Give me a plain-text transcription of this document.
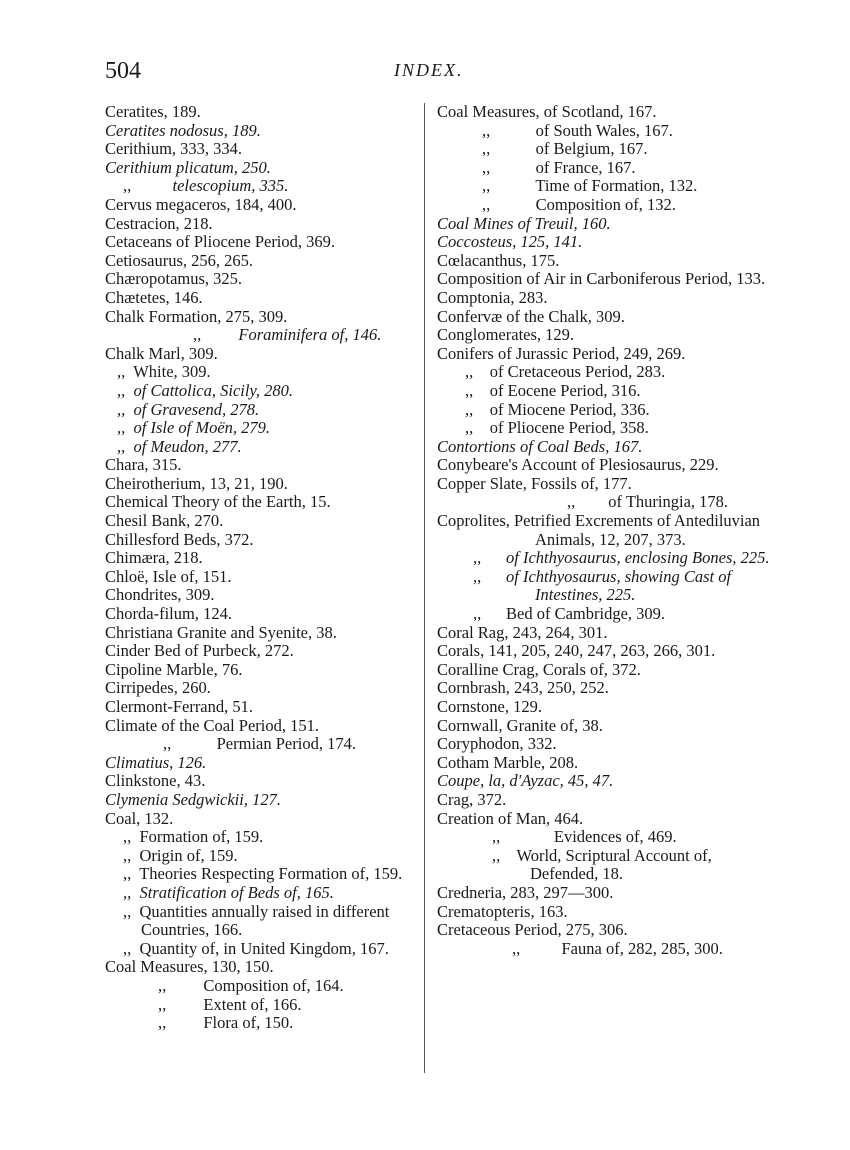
504	INDEX.
Ceratites, 189.
Ceratites nodosus, 189.
Cerithium, 333, 334.
Cerithium plicatum, 250.
,,          telescopium, 335.
Cervus megaceros, 184, 400.
Cestracion, 218.
Cetaceans of Pliocene Period, 369.
Cetiosaurus, 256, 265.
Chæropotamus, 325.
Chætetes, 146.
Chalk Formation, 275, 309.
,,         Foraminifera of, 146.
Chalk Marl, 309.
,,  White, 309.
,,  of Cattolica, Sicily, 280.
,,  of Gravesend, 278.
,,  of Isle of Moën, 279.
,,  of Meudon, 277.
Chara, 315.
Cheirotherium, 13, 21, 190.
Chemical Theory of the Earth, 15.
Chesil Bank, 270.
Chillesford Beds, 372.
Chimæra, 218.
Chloë, Isle of, 151.
Chondrites, 309.
Chorda-filum, 124.
Christiana Granite and Syenite, 38.
Cinder Bed of Purbeck, 272.
Cipoline Marble, 76.
Cirripedes, 260.
Clermont-Ferrand, 51.
Climate of the Coal Period, 151.
,,           Permian Period, 174.
Climatius, 126.
Clinkstone, 43.
Clymenia Sedgwickii, 127.
Coal, 132.
,,  Formation of, 159.
,,  Origin of, 159.
,,  Theories Respecting Formation of, 159.
,,  Stratification of Beds of, 165.
,,  Quantities annually raised in different Countries, 166.
,,  Quantity of, in United Kingdom, 167.
Coal Measures, 130, 150.
,,         Composition of, 164.
,,         Extent of, 166.
,,         Flora of, 150.
Coal Measures, of Scotland, 167.
,,           of South Wales, 167.
,,           of Belgium, 167.
,,           of France, 167.
,,           Time of Formation, 132.
,,           Composition of, 132.
Coal Mines of Treuil, 160.
Coccosteus, 125, 141.
Cœlacanthus, 175.
Composition of Air in Carboniferous Period, 133.
Comptonia, 283.
Confervæ of the Chalk, 309.
Conglomerates, 129.
Conifers of Jurassic Period, 249, 269.
,,    of Cretaceous Period, 283.
,,    of Eocene Period, 316.
,,    of Miocene Period, 336.
,,    of Pliocene Period, 358.
Contortions of Coal Beds, 167.
Conybeare's Account of Plesiosaurus, 229.
Copper Slate, Fossils of, 177.
,,        of Thuringia, 178.
Coprolites, Petrified Excrements of Antediluvian Animals, 12, 207, 373.
,,      of Ichthyosaurus, enclosing Bones, 225.
,,      of Ichthyosaurus, showing Cast of Intestines, 225.
,,      Bed of Cambridge, 309.
Coral Rag, 243, 264, 301.
Corals, 141, 205, 240, 247, 263, 266, 301.
Coralline Crag, Corals of, 372.
Cornbrash, 243, 250, 252.
Cornstone, 129.
Cornwall, Granite of, 38.
Coryphodon, 332.
Cotham Marble, 208.
Coupe, la, d'Ayzac, 45, 47.
Crag, 372.
Creation of Man, 464.
,,             Evidences of, 469.
,,    World, Scriptural Account of, Defended, 18.
Credneria, 283, 297—300.
Crematopteris, 163.
Cretaceous Period, 275, 306.
,,          Fauna of, 282, 285, 300.
